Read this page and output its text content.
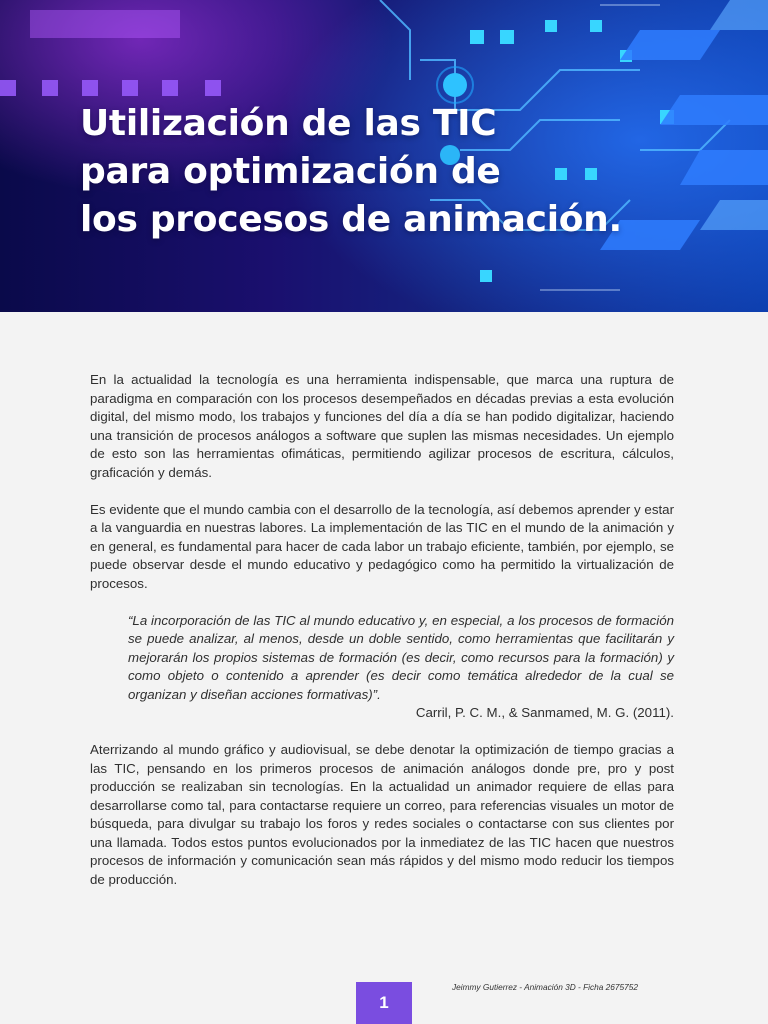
Utilización de las TIC
para optimización de
los procesos de animación.

En la actualidad la tecnología es una herramienta indispensable, que marca una ruptura de paradigma en comparación con los procesos desempeñados en décadas previas a esta evolución digital, del mismo modo, los trabajos y funciones del día a día se han podido digitalizar, haciendo una transición de procesos análogos a software que suplen las mismas necesidades. Un ejemplo de esto son las herramientas ofimáticas, permitiendo agilizar procesos de escritura, cálculos, graficación y demás.

Es evidente que el mundo cambia con el desarrollo de la tecnología, así debemos aprender y estar a la vanguardia en nuestras labores. La implementación de las TIC en el mundo de la animación y en general, es fundamental para hacer de cada labor un trabajo eficiente, también, por ejemplo, se puede observar desde el mundo educativo y pedagógico como ha permitido la virtualización de procesos.

“La incorporación de las TIC al mundo educativo y, en especial, a los procesos de formación se puede analizar, al menos, desde un doble sentido, como herramientas que facilitarán y mejorarán los propios sistemas de formación (es decir, como recursos para la formación) y como objeto o contenido a aprender (es decir como temática alrededor de la cual se organizan y diseñan acciones formativas)”.
Carril, P. C. M., & Sanmamed, M. G. (2011).

Aterrizando al mundo gráfico y audiovisual, se debe denotar la optimización de tiempo gracias a las TIC, pensando en los primeros procesos de animación análogos donde pre, pro y post producción se realizaban sin tecnologías. En la actualidad un animador requiere de ellas para desarrollarse como tal, para contactarse requiere un correo, para referencias visuales un motor de búsqueda, para divulgar su trabajo los foros y redes sociales o contactarse con sus clientes por una llamada. Todos estos puntos evolucionados por la inmediatez de las TIC hacen que nuestros procesos de información y comunicación sean más rápidos y del mismo modo reducir los tiempos de producción.

1
Jeimmy Gutierrez - Animación 3D - Ficha 2675752
